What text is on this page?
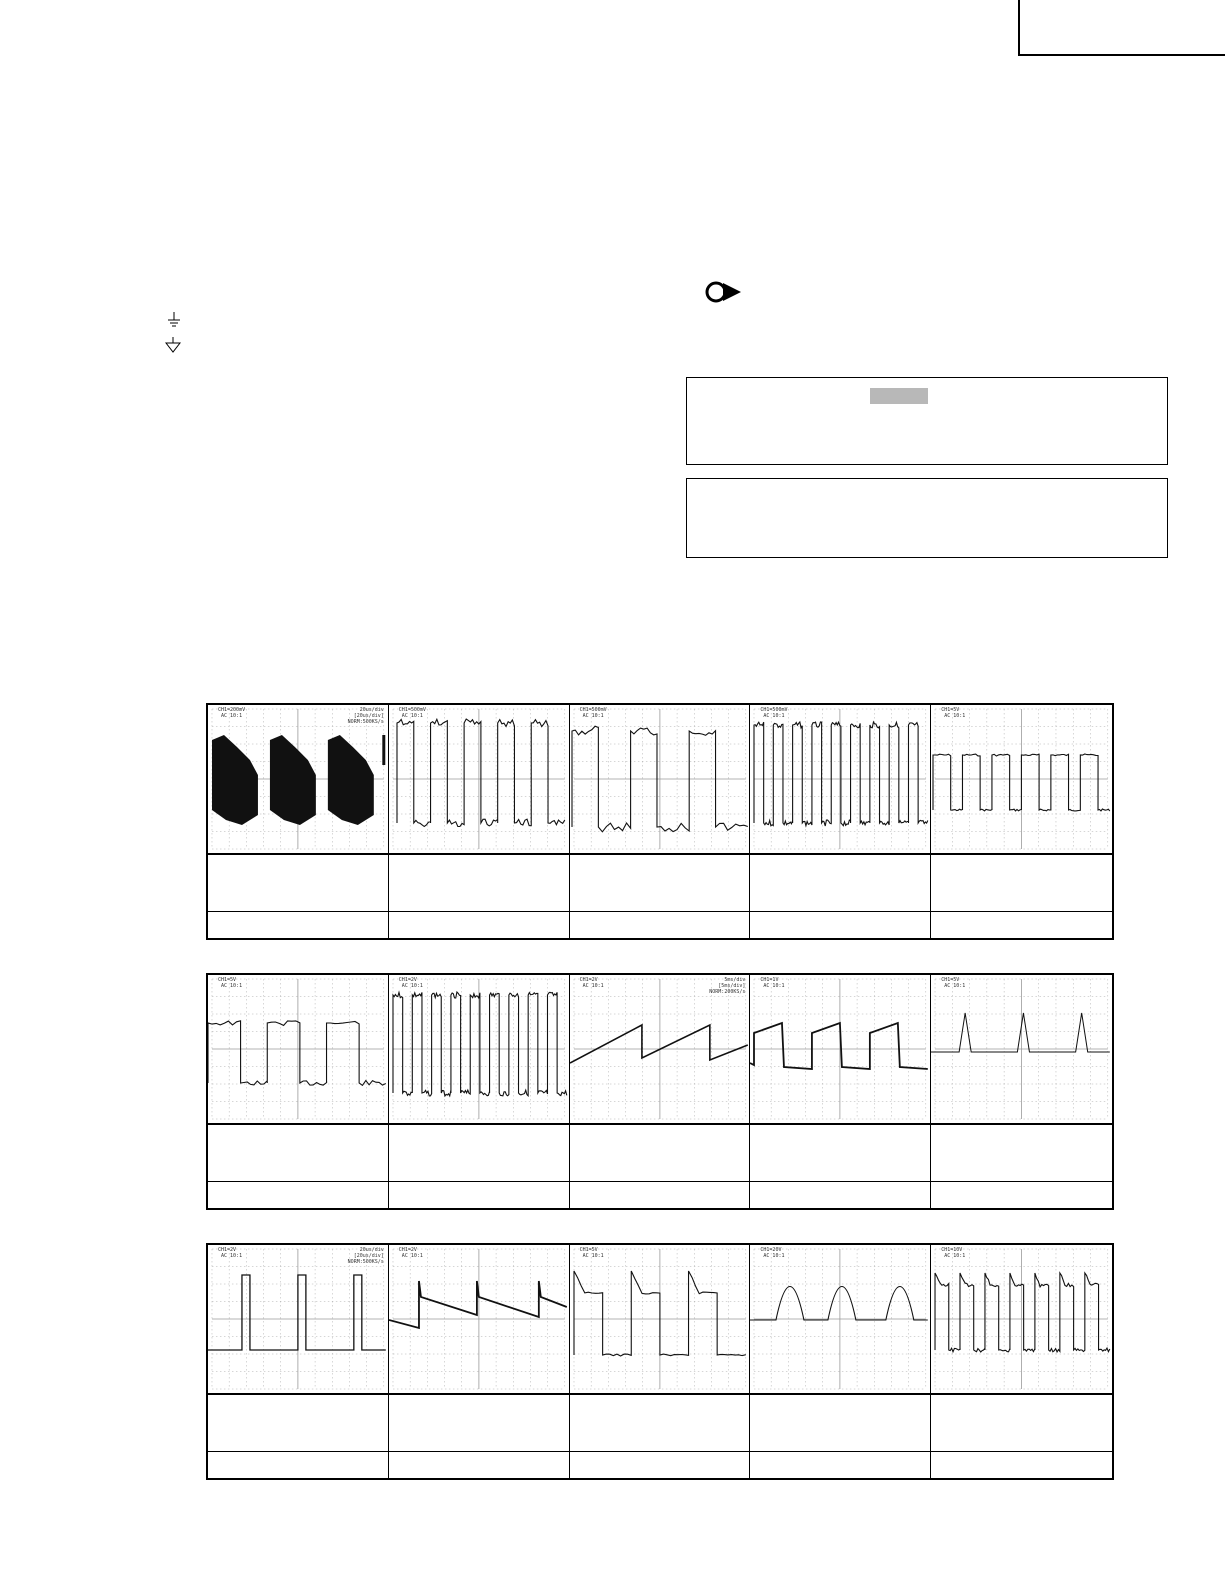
CH1=200mV
AC 10:1
20us/div
[20us/div]
NORM:500KS/s
CH1=500mV
AC 10:1
CH1=500mV
AC 10:1
CH1=500mV
AC 10:1
CH1=5V
AC 10:1
CH1=5V
AC 10:1
CH1=2V
AC 10:1
CH1=2V
AC 10:1
5ms/div
[5ms/div]
NORM:200KS/s
CH1=1V
AC 10:1
CH1=5V
AC 10:1
CH1=2V
AC 10:1
20us/div
[20us/div]
NORM:500KS/s
CH1=2V
AC 10:1
CH1=5V
AC 10:1
CH1=20V
AC 10:1
CH1=10V
AC 10:1
